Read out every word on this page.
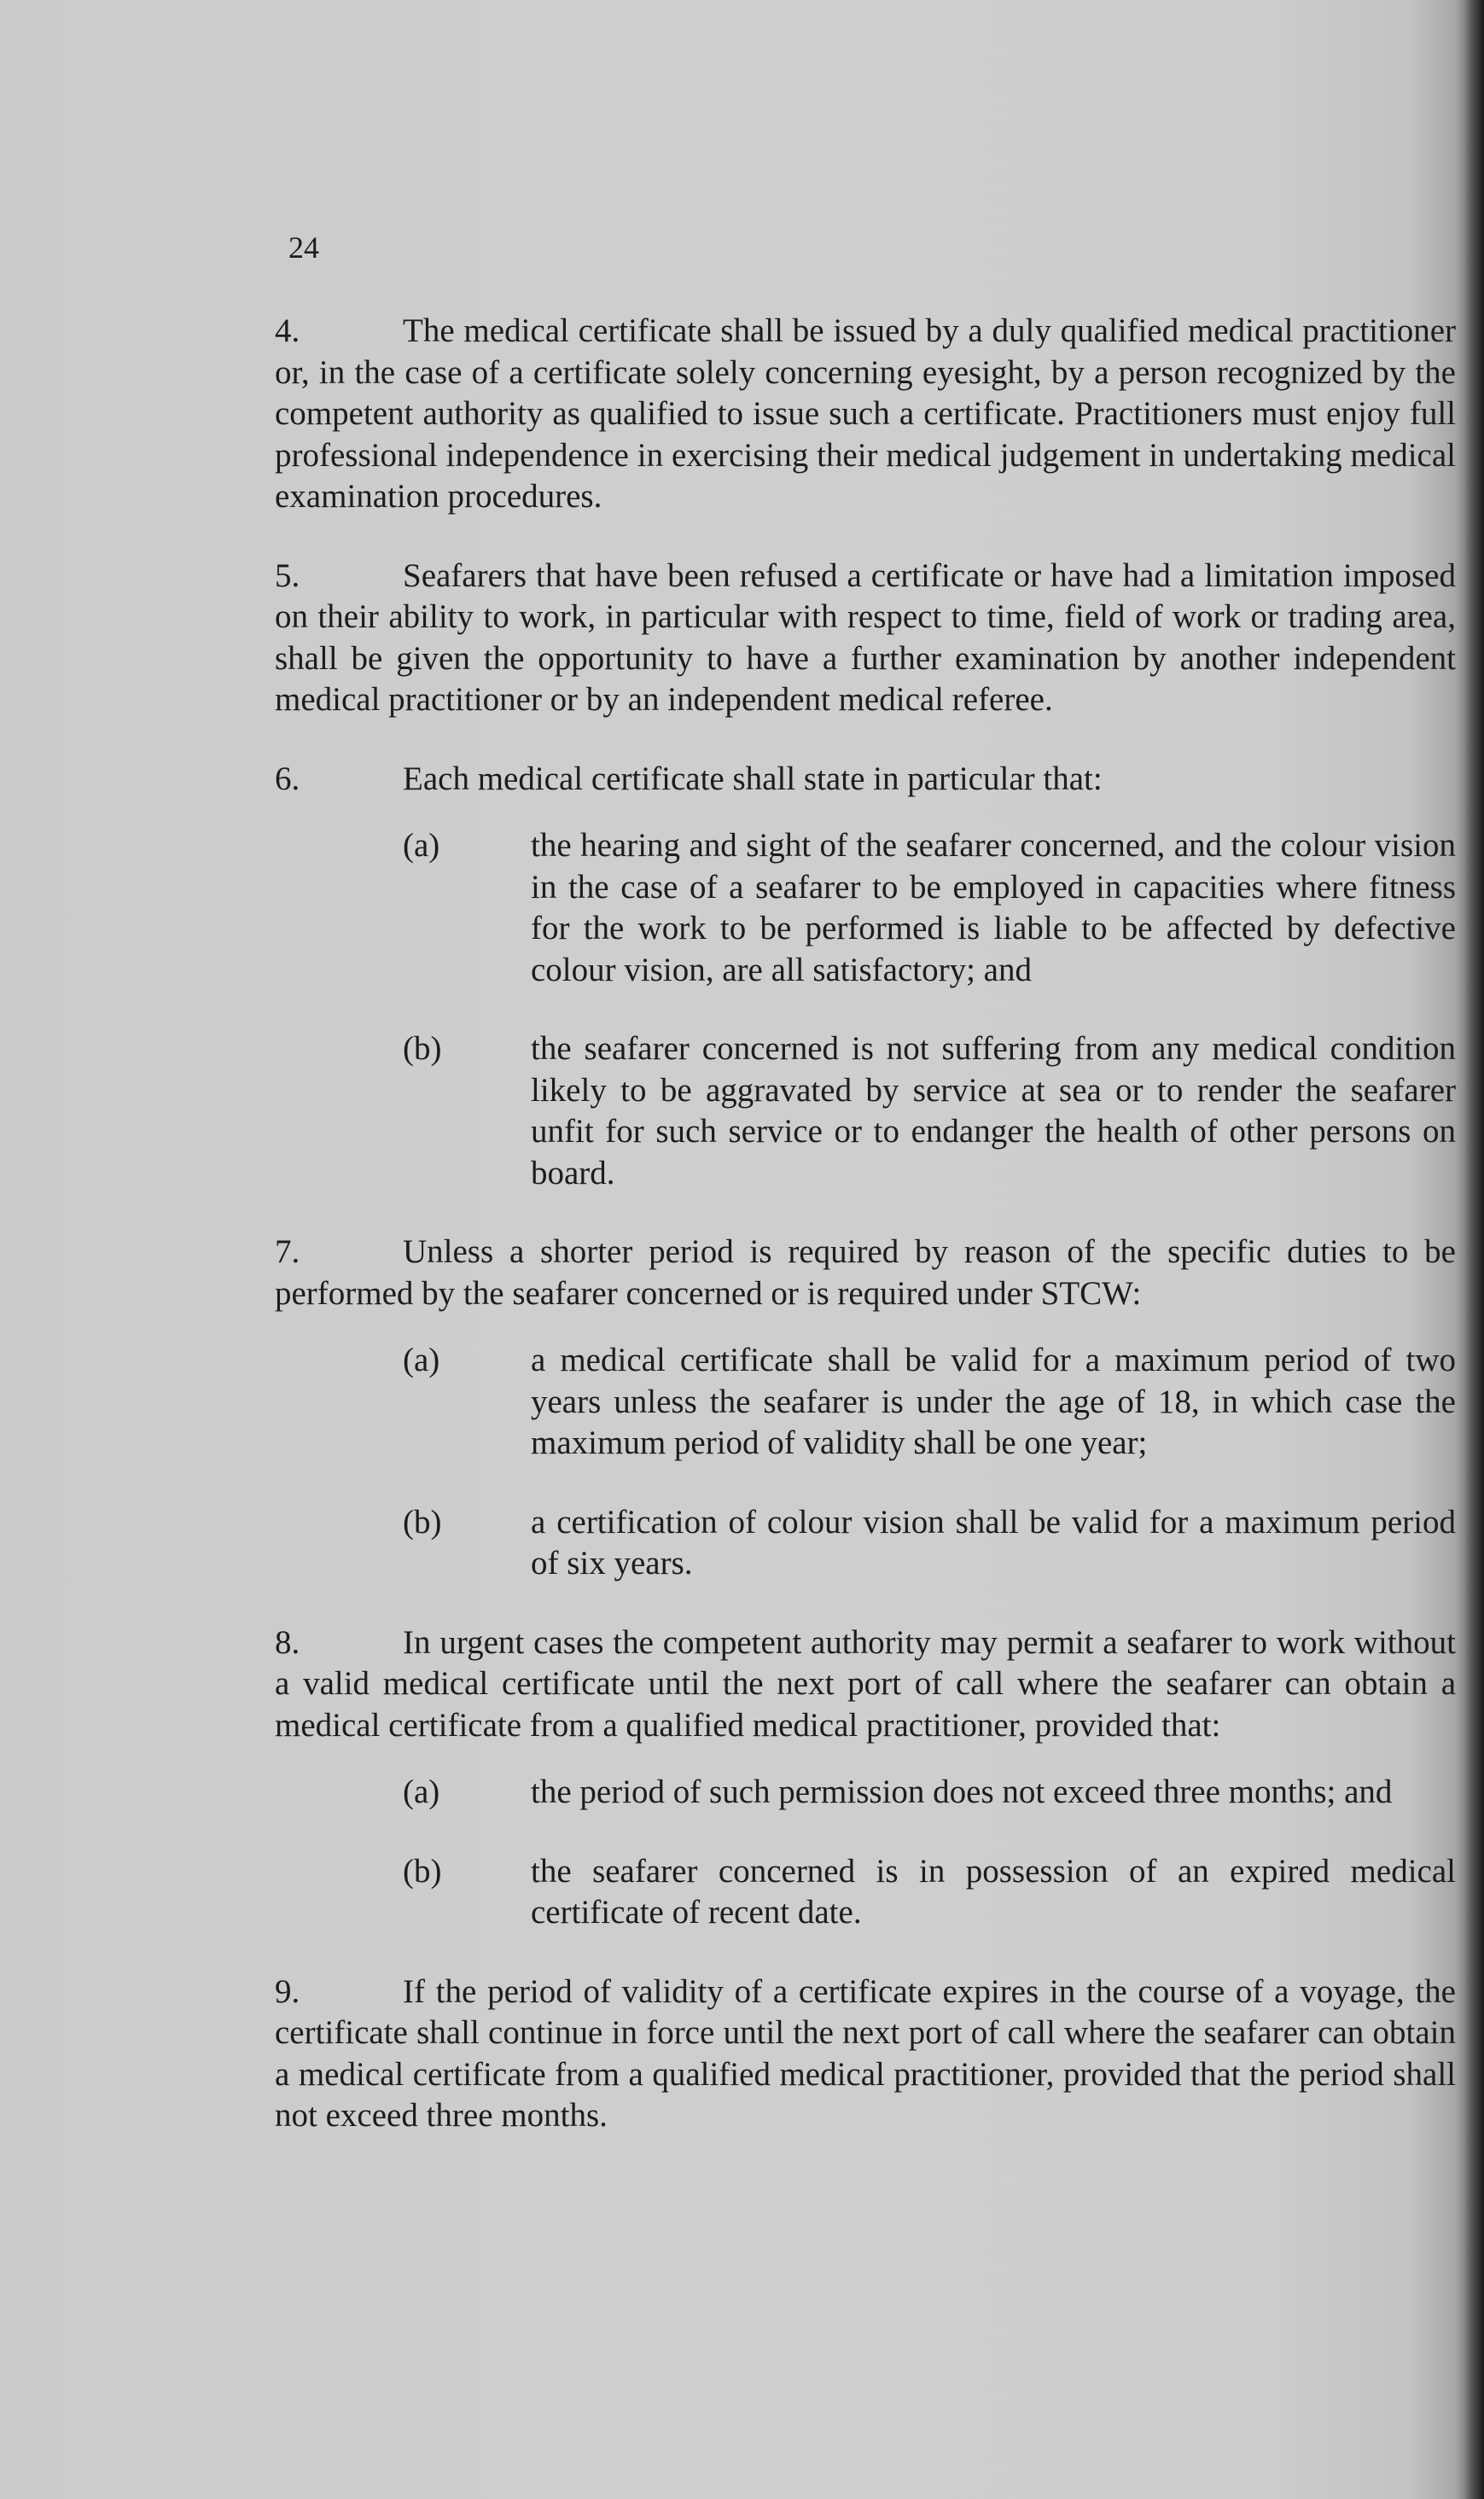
24

4.	The medical certificate shall be issued by a duly qualified medical practitioner or, in the case of a certificate solely concerning eyesight, by a person recognized by the competent authority as qualified to issue such a certificate. Practitioners must enjoy full professional independence in exercising their medical judgement in undertaking medical examination procedures.

5.	Seafarers that have been refused a certificate or have had a limitation imposed on their ability to work, in particular with respect to time, field of work or trading area, shall be given the opportunity to have a further examination by another independent medical practitioner or by an independent medical referee.

6.	Each medical certificate shall state in particular that:

(a)	the hearing and sight of the seafarer concerned, and the colour vision in the case of a seafarer to be employed in capacities where fitness for the work to be performed is liable to be affected by defective colour vision, are all satisfactory; and
(b)	the seafarer concerned is not suffering from any medical condition likely to be aggravated by service at sea or to render the seafarer unfit for such service or to endanger the health of other persons on board.

7.	Unless a shorter period is required by reason of the specific duties to be performed by the seafarer concerned or is required under STCW:

(a)	a medical certificate shall be valid for a maximum period of two years unless the seafarer is under the age of 18, in which case the maximum period of validity shall be one year;
(b)	a certification of colour vision shall be valid for a maximum period of six years.

8.	In urgent cases the competent authority may permit a seafarer to work without a valid medical certificate until the next port of call where the seafarer can obtain a medical certificate from a qualified medical practitioner, provided that:

(a)	the period of such permission does not exceed three months; and
(b)	the seafarer concerned is in possession of an expired medical certificate of recent date.

9.	If the period of validity of a certificate expires in the course of a voyage, the certificate shall continue in force until the next port of call where the seafarer can obtain a medical certificate from a qualified medical practitioner, provided that the period shall not exceed three months.
